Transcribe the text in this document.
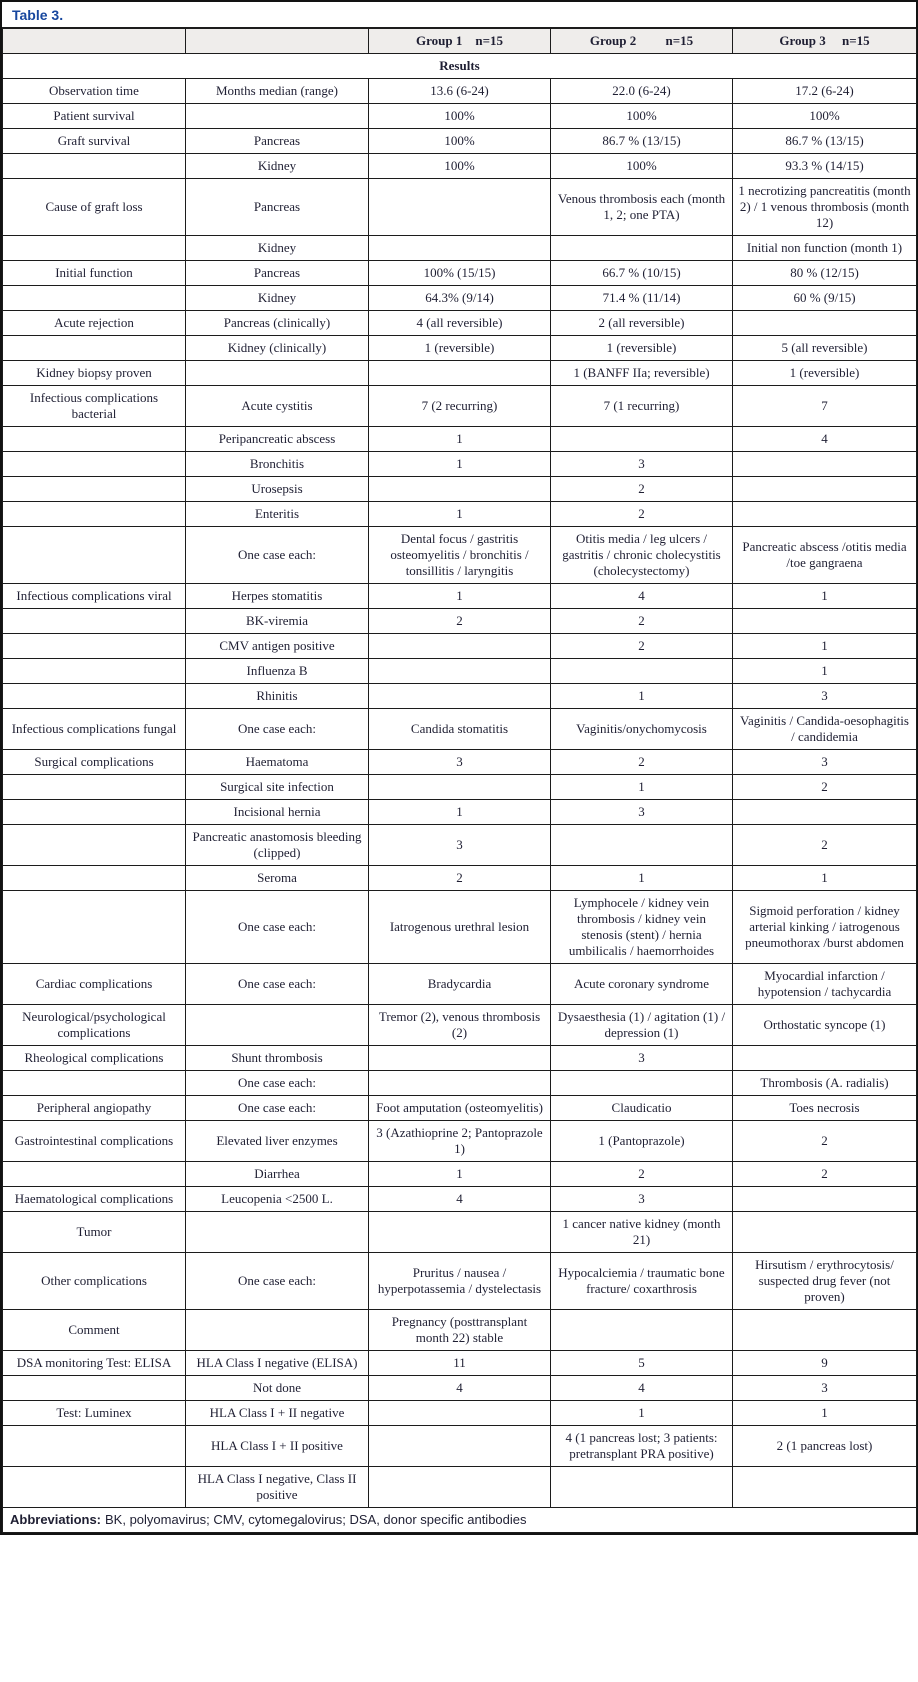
Table 3.
		Group 1    n=15	Group 2         n=15	Group 3     n=15
Results				
Observation time	Months median (range)	13.6 (6-24)	22.0 (6-24)	17.2 (6-24)
Patient survival		100%	100%	100%
Graft survival	Pancreas	100%	86.7 % (13/15)	86.7 % (13/15)
	Kidney	100%	100%	93.3 % (14/15)
Cause of graft loss	Pancreas		Venous thrombosis each (month 1, 2; one PTA)	1 necrotizing pancreatitis (month 2) / 1 venous thrombosis (month 12)
	Kidney			Initial non function (month 1)
Initial function	Pancreas	100% (15/15)	66.7 % (10/15)	80 % (12/15)
	Kidney	64.3% (9/14)	71.4 % (11/14)	60 % (9/15)
Acute rejection	Pancreas (clinically)	4 (all reversible)	2 (all reversible)	
	Kidney (clinically)	1 (reversible)	1 (reversible)	5 (all reversible)
Kidney biopsy proven			1 (BANFF IIa; reversible)	1 (reversible)
Infectious complications bacterial	Acute cystitis	7 (2 recurring)	7 (1 recurring)	7
	Peripancreatic abscess	1		4
	Bronchitis	1	3	
	Urosepsis		2	
	Enteritis	1	2	
	One case each:	Dental focus / gastritis osteomyelitis / bronchitis / tonsillitis / laryngitis	Otitis media / leg ulcers / gastritis / chronic cholecystitis (cholecystectomy)	Pancreatic abscess /otitis media /toe gangraena
Infectious complications viral	Herpes stomatitis	1	4	1
	BK-viremia	2	2	
	CMV antigen positive		2	1
	Influenza B			1
	Rhinitis		1	3
Infectious complications fungal	One case each:	Candida stomatitis	Vaginitis/onychomycosis	Vaginitis / Candida-oesophagitis / candidemia
Surgical complications	Haematoma	3	2	3
	Surgical site infection		1	2
	Incisional hernia	1	3	
	Pancreatic anastomosis bleeding (clipped)	3		2
	Seroma	2	1	1
	One case each:	Iatrogenous urethral lesion	Lymphocele / kidney vein thrombosis / kidney vein stenosis (stent) / hernia umbilicalis / haemorrhoides	Sigmoid perforation / kidney arterial kinking / iatrogenous pneumothorax /burst abdomen
Cardiac complications	One case each:	Bradycardia	Acute coronary syndrome	Myocardial infarction / hypotension / tachycardia
Neurological/psychological complications		Tremor (2), venous thrombosis (2)	Dysaesthesia (1) / agitation (1) / depression (1)	Orthostatic syncope (1)
Rheological complications	Shunt thrombosis		3	
	One case each:			Thrombosis (A. radialis)
Peripheral angiopathy	One case each:	Foot amputation (osteomyelitis)	Claudicatio	Toes necrosis
Gastrointestinal complications	Elevated liver enzymes	3 (Azathioprine 2; Pantoprazole 1)	1 (Pantoprazole)	2
	Diarrhea	1	2	2
Haematological complications	Leucopenia <2500 L.	4	3	
Tumor			1 cancer native kidney (month 21)	
Other complications	One case each:	Pruritus / nausea / hyperpotassemia / dystelectasis	Hypocalciemia / traumatic bone fracture/ coxarthrosis	Hirsutism / erythrocytosis/ suspected drug fever (not proven)
Comment		Pregnancy (posttransplant month 22) stable		
DSA monitoring Test: ELISA	HLA Class I negative (ELISA)	11	5	9
	Not done	4	4	3
Test: Luminex	HLA Class I + II negative		1	1
	HLA Class I + II positive		4 (1 pancreas lost; 3 patients: pretransplant PRA positive)	2 (1 pancreas lost)
	HLA Class I negative, Class II positive			
Abbreviations: BK, polyomavirus; CMV, cytomegalovirus; DSA, donor specific antibodies				
